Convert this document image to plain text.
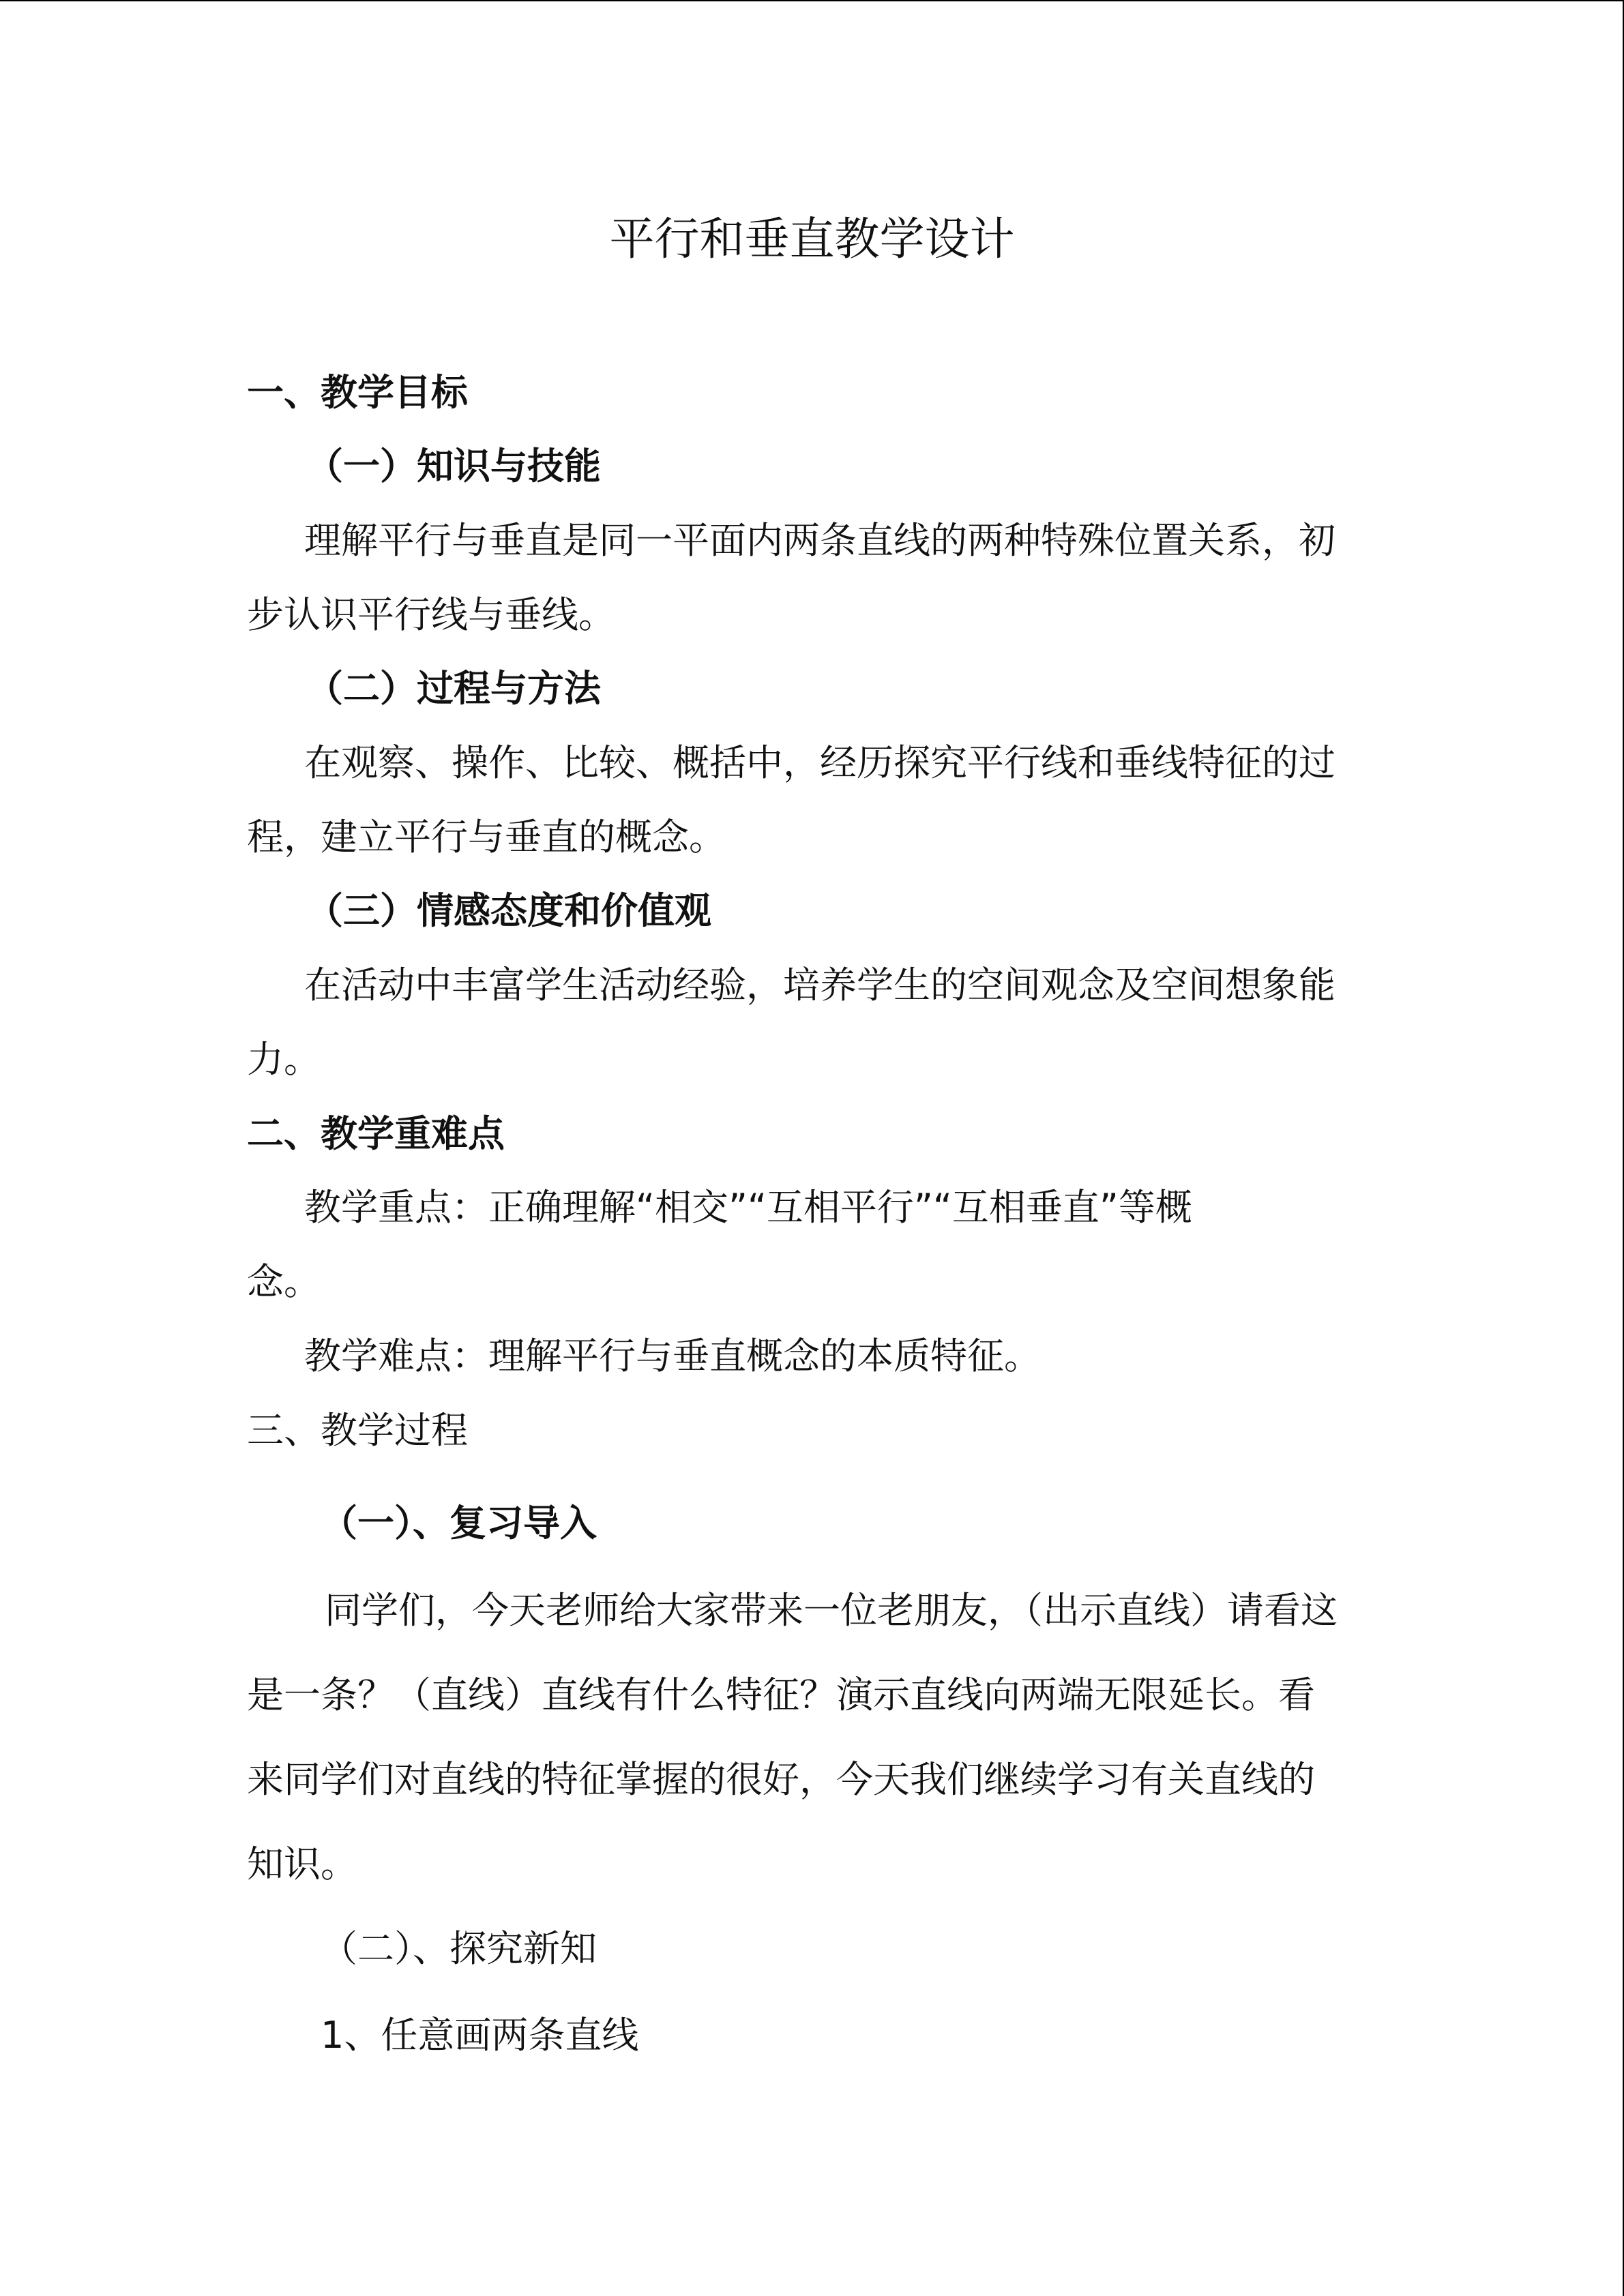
平行和垂直教学设计
一、教学目标
（一）知识与技能
理解平行与垂直是同一平面内两条直线的两种特殊位置关系，初
步认识平行线与垂线。
（二）过程与方法
在观察、操作、比较、概括中，经历探究平行线和垂线特征的过
程，建立平行与垂直的概念。
（三）情感态度和价值观
在活动中丰富学生活动经验，培养学生的空间观念及空间想象能
力。
二、教学重难点
教学重点：正确理解“相交”“互相平行”“互相垂直”等概
念。
教学难点：理解平行与垂直概念的本质特征。
三、教学过程
（一）、复习导入
同学们，今天老师给大家带来一位老朋友，（出示直线）请看这
是一条？（直线）直线有什么特征？演示直线向两端无限延长。看
来同学们对直线的特征掌握的很好，今天我们继续学习有关直线的
知识。
（二）、探究新知
1、任意画两条直线
